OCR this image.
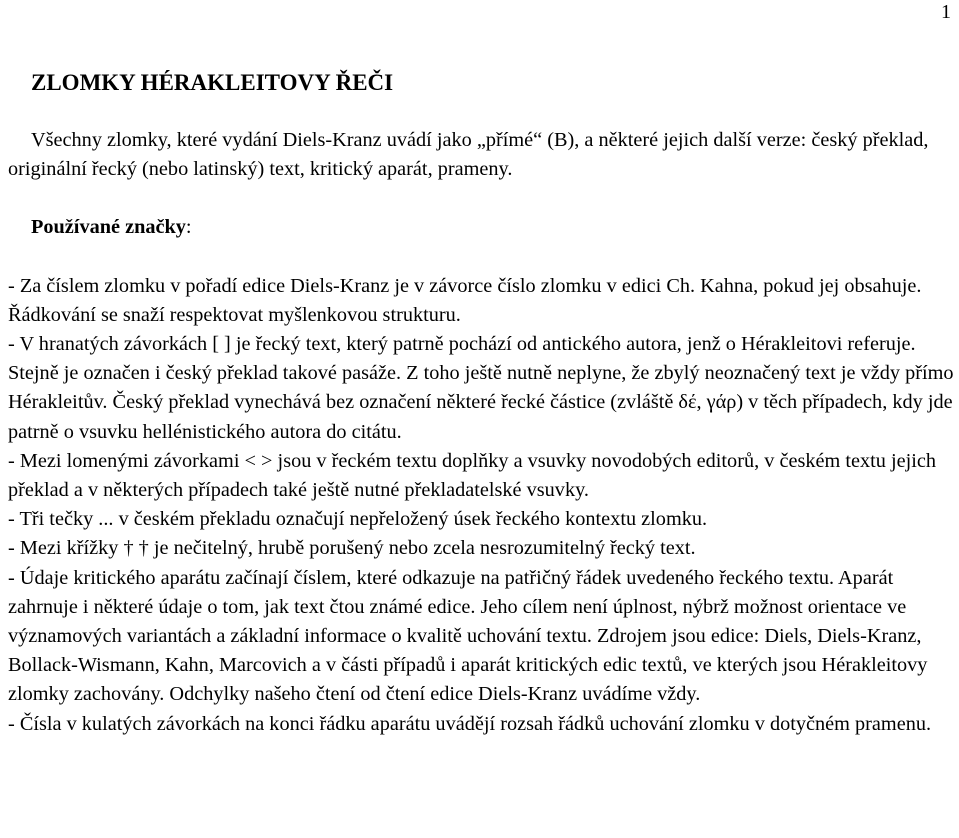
1
ZLOMKY HÉRAKLEITOVY ŘEČI

Všechny zlomky, které vydání Diels-Kranz uvádí jako „přímé“ (B), a některé jejich další verze: český překlad, originální řecký (nebo latinský) text, kritický aparát, prameny.

Používané značky:

- Za číslem zlomku v pořadí edice Diels-Kranz je v závorce číslo zlomku v edici Ch. Kahna, pokud jej obsahuje. Řádkování se snaží respektovat myšlenkovou strukturu.

- V hranatých závorkách [ ] je řecký text, který patrně pochází od antického autora, jenž o Hérakleitovi referuje. Stejně je označen i český překlad takové pasáže. Z toho ještě nutně neplyne, že zbylý neoznačený text je vždy přímo Hérakleitův. Český překlad vynechává bez označení některé řecké částice (zvláště δέ, γάρ) v těch případech, kdy jde patrně o vsuvku hellénistického autora do citátu.

- Mezi lomenými závorkami < > jsou v řeckém textu doplňky a vsuvky novodobých editorů, v českém textu jejich překlad a v některých případech také ještě nutné překladatelské vsuvky.

- Tři tečky ... v českém překladu označují nepřeložený úsek řeckého kontextu zlomku.

- Mezi křížky † † je nečitelný, hrubě porušený nebo zcela nesrozumitelný řecký text.

- Údaje kritického aparátu začínají číslem, které odkazuje na patřičný řádek uvedeného řeckého textu. Aparát zahrnuje i některé údaje o tom, jak text čtou známé edice. Jeho cílem není úplnost, nýbrž možnost orientace ve významových variantách a základní informace o kvalitě uchování textu. Zdrojem jsou edice: Diels, Diels-Kranz, Bollack-Wismann, Kahn, Marcovich a v části případů i aparát kritických edic textů, ve kterých jsou Hérakleitovy zlomky zachovány. Odchylky našeho čtení od čtení edice Diels-Kranz uvádíme vždy.

- Čísla v kulatých závorkách na konci řádku aparátu uvádějí rozsah řádků uchování zlomku v dotyčném pramenu.
